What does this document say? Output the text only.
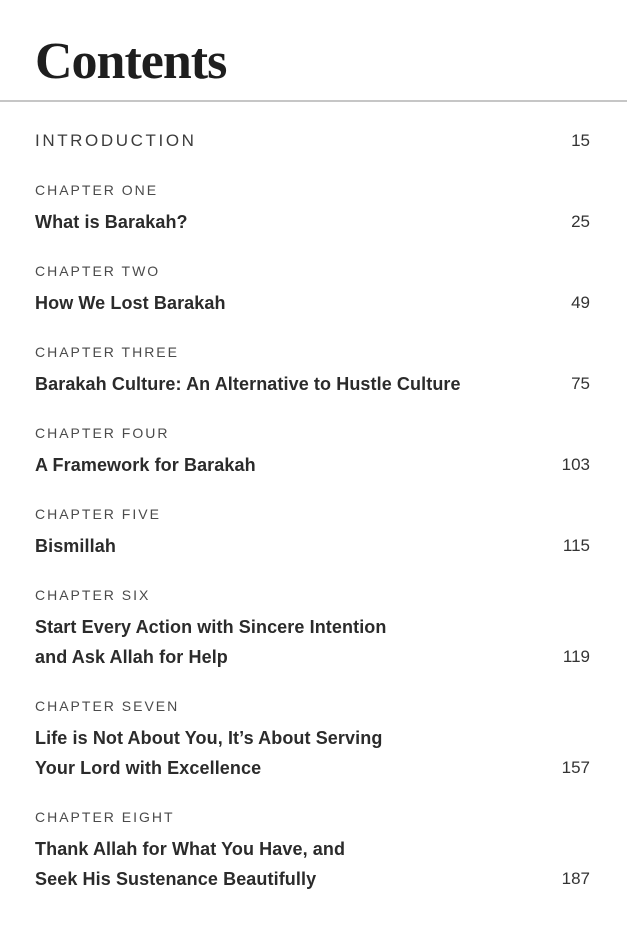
Contents
INTRODUCTION	15
CHAPTER ONE
What is Barakah?	25
CHAPTER TWO
How We Lost Barakah	49
CHAPTER THREE
Barakah Culture: An Alternative to Hustle Culture	75
CHAPTER FOUR
A Framework for Barakah	103
CHAPTER FIVE
Bismillah	115
CHAPTER SIX
Start Every Action with Sincere Intention
and Ask Allah for Help	119
CHAPTER SEVEN
Life is Not About You, It’s About Serving
Your Lord with Excellence	157
CHAPTER EIGHT
Thank Allah for What You Have, and
Seek His Sustenance Beautifully	187
